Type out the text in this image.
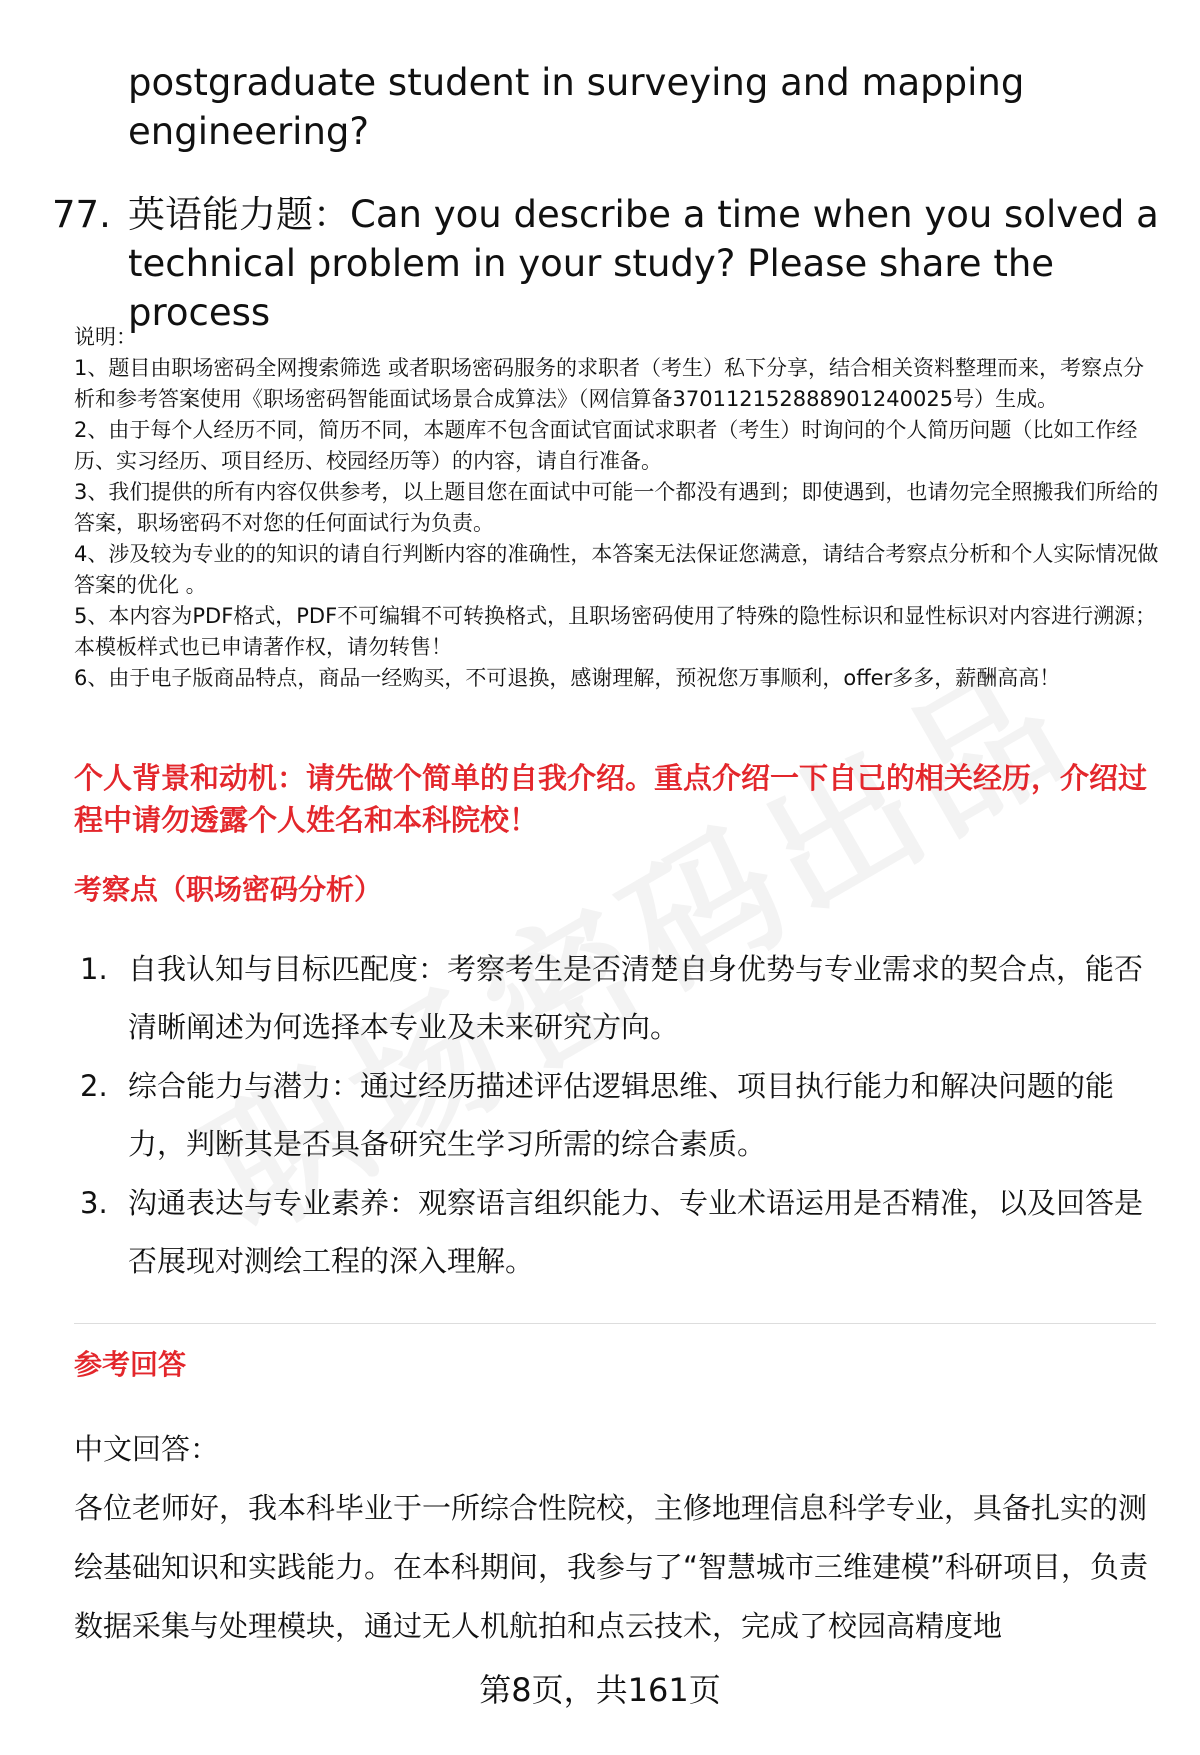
postgraduate student in surveying and mapping engineering?
77. 英语能力题：Can you describe a time when you solved a technical problem in your study? Please share the process
说明：
1、题目由职场密码全网搜索筛选 或者职场密码服务的求职者（考生）私下分享，结合相关资料整理而来，考察点分析和参考答案使用《职场密码智能面试场景合成算法》（网信算备370112152888901240025号）生成。
2、由于每个人经历不同，简历不同，本题库不包含面试官面试求职者（考生）时询问的个人简历问题（比如工作经历、实习经历、项目经历、校园经历等）的内容，请自行准备。
3、我们提供的所有内容仅供参考，以上题目您在面试中可能一个都没有遇到；即使遇到，也请勿完全照搬我们所给的答案，职场密码不对您的任何面试行为负责。
4、涉及较为专业的的知识的请自行判断内容的准确性，本答案无法保证您满意，请结合考察点分析和个人实际情况做答案的优化 。
5、本内容为PDF格式，PDF不可编辑不可转换格式，且职场密码使用了特殊的隐性标识和显性标识对内容进行溯源；本模板样式也已申请著作权，请勿转售！
6、由于电子版商品特点，商品一经购买，不可退换，感谢理解，预祝您万事顺利，offer多多，薪酬高高！
个人背景和动机：请先做个简单的自我介绍。重点介绍一下自己的相关经历，介绍过程中请勿透露个人姓名和本科院校！
考察点（职场密码分析）
1. 自我认知与目标匹配度：考察考生是否清楚自身优势与专业需求的契合点，能否清晰阐述为何选择本专业及未来研究方向。
2. 综合能力与潜力：通过经历描述评估逻辑思维、项目执行能力和解决问题的能力，判断其是否具备研究生学习所需的综合素质。
3. 沟通表达与专业素养：观察语言组织能力、专业术语运用是否精准，以及回答是否展现对测绘工程的深入理解。
参考回答
中文回答：
各位老师好，我本科毕业于一所综合性院校，主修地理信息科学专业，具备扎实的测绘基础知识和实践能力。在本科期间，我参与了“智慧城市三维建模”科研项目，负责数据采集与处理模块，通过无人机航拍和点云技术，完成了校园高精度地
第8页，共161页
